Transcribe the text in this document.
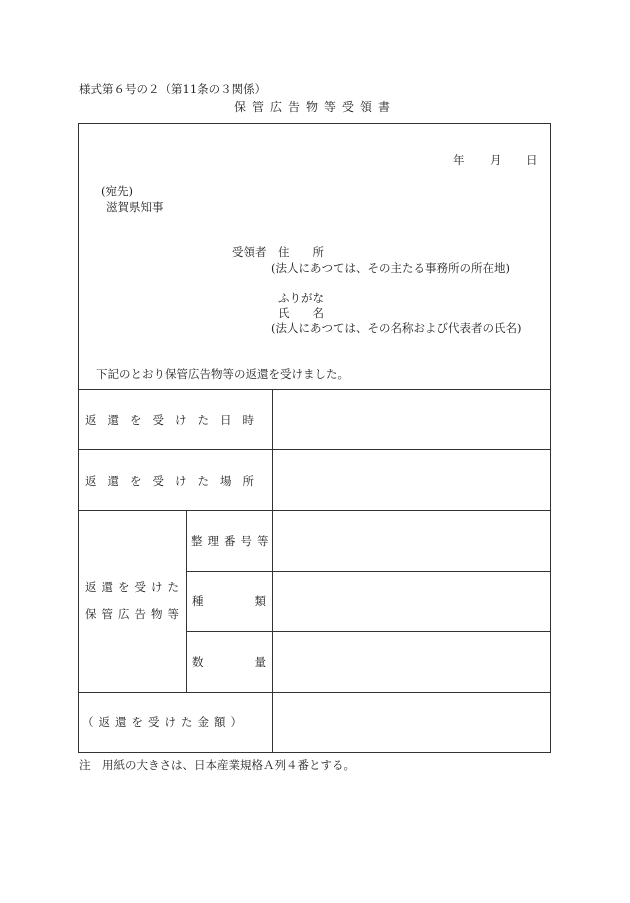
様式第６号の２（第11条の３関係）
保管広告物等受領書
年 月 日
(宛先)
滋賀県知事
受領者 住　　所
(法人にあつては、その主たる事務所の所在地)
ふりがな
氏　　名
(法人にあつては、その名称および代表者の氏名)
下記のとおり保管広告物等の返還を受けました。
返還を受けた日時
返還を受けた場所
返還を受けた
保管広告物等
整理番号等
種	類
数	量
（返還を受けた金額）
注　用紙の大きさは、日本産業規格Ａ列４番とする。
